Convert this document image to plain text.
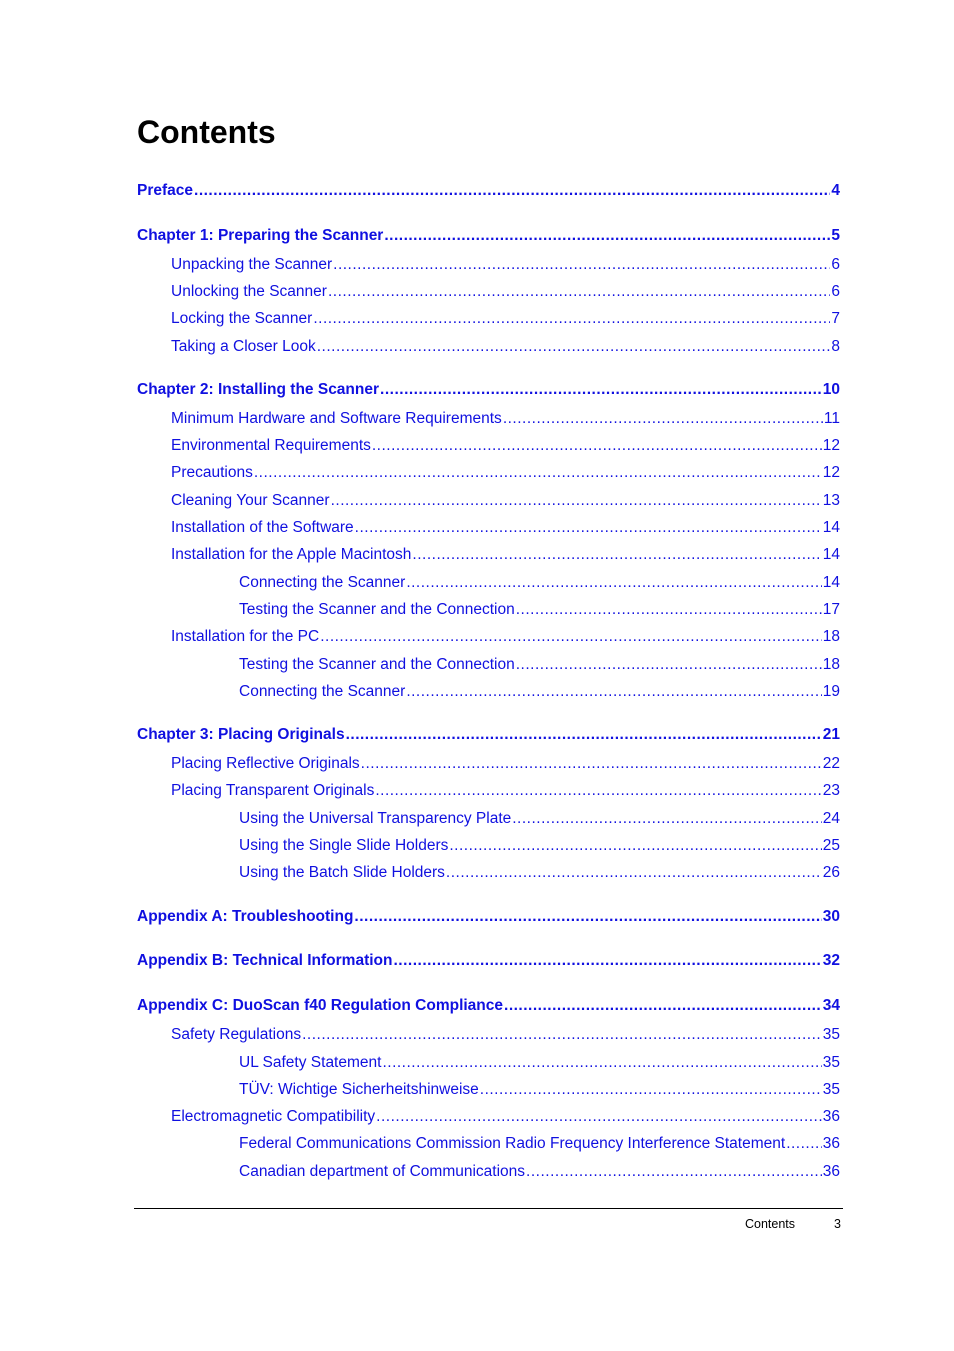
Contents
Preface .....	4
Chapter 1: Preparing the Scanner .....	5
Unpacking the Scanner .....	6
Unlocking the Scanner .....	6
Locking the Scanner .....	7
Taking a Closer Look .....	8
Chapter 2: Installing the Scanner .....	10
Minimum Hardware and Software Requirements .....	11
Environmental Requirements .....	12
Precautions .....	12
Cleaning Your Scanner .....	13
Installation of the Software .....	14
Installation for the Apple Macintosh .....	14
Connecting the Scanner .....	14
Testing the Scanner and the Connection .....	17
Installation for the PC .....	18
Testing the Scanner and the Connection .....	18
Connecting the Scanner .....	19
Chapter 3: Placing Originals .....	21
Placing Reflective Originals .....	22
Placing Transparent Originals .....	23
Using the Universal Transparency Plate .....	24
Using the Single Slide Holders .....	25
Using the Batch Slide Holders .....	26
Appendix A: Troubleshooting .....	30
Appendix B: Technical Information .....	32
Appendix C: DuoScan f40 Regulation Compliance .....	34
Safety Regulations .....	35
UL Safety Statement .....	35
TÜV: Wichtige Sicherheitshinweise .....	35
Electromagnetic Compatibility .....	36
Federal Communications Commission Radio Frequency Interference Statement ..... 36
Canadian department of Communications .....	36
Contents	3
